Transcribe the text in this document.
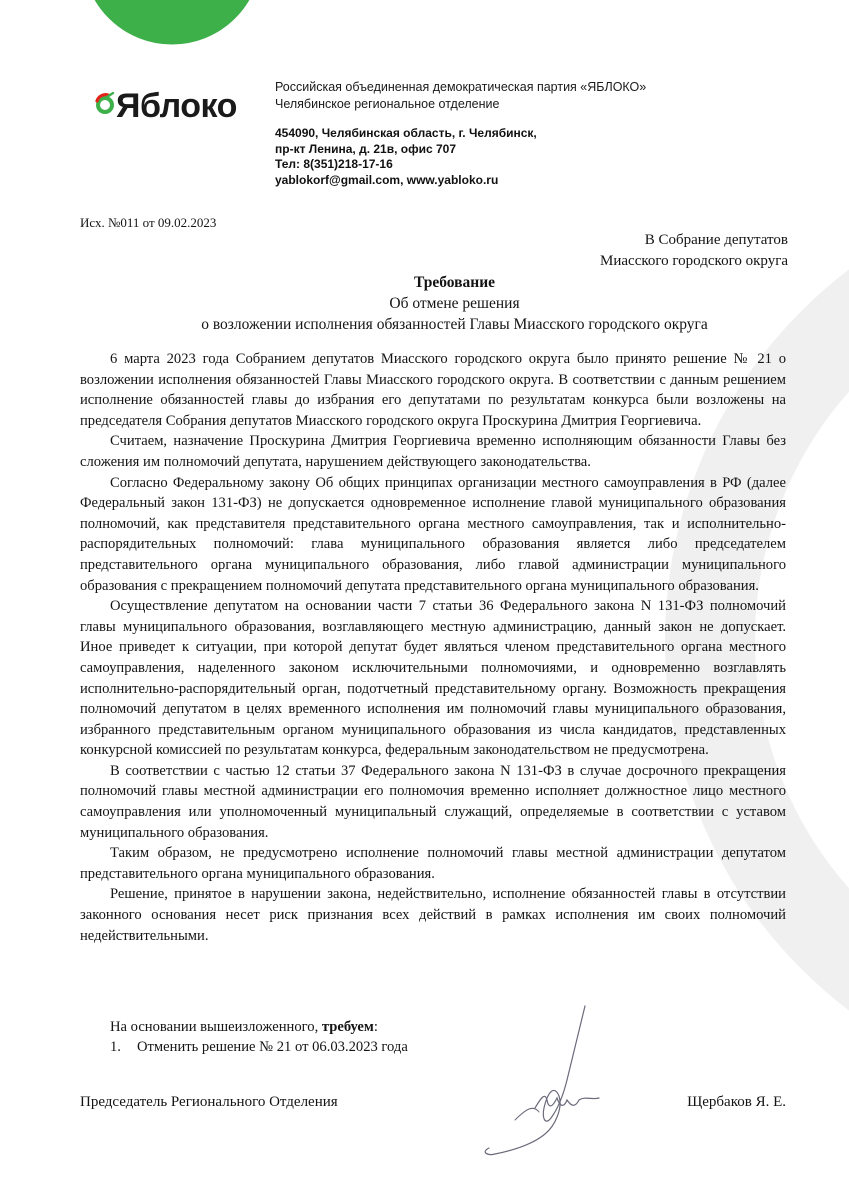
Яблоко	Российская объединенная демократическая партия «ЯБЛОКО»
Челябинское региональное отделение
454090, Челябинская область, г. Челябинск,
пр-кт Ленина, д. 21в, офис 707
Тел: 8(351)218-17-16
yablokorf@gmail.com, www.yabloko.ru
Исх. №011 от 09.02.2023
В Собрание депутатов
Миасского городского округа
Требование
Об отмене решения
о возложении исполнения обязанностей Главы Миасского городского округа

6 марта 2023 года Собранием депутатов Миасского городского округа было принято решение № 21 о возложении исполнения обязанностей Главы Миасского городского округа. В соответствии с данным решением исполнение обязанностей главы до избрания его депутатами по результатам конкурса были возложены на председателя Собрания депутатов Миасского городского округа Проскурина Дмитрия Георгиевича.

Считаем, назначение Проскурина Дмитрия Георгиевича временно исполняющим обязанности Главы без сложения им полномочий депутата, нарушением действующего законодательства.

Согласно Федеральному закону Об общих принципах организации местного самоуправления в РФ (далее Федеральный закон 131-ФЗ) не допускается одновременное исполнение главой муниципального образования полномочий, как представителя представительного органа местного самоуправления, так и исполнительно-распорядительных полномочий: глава муниципального образования является либо председателем представительного органа муниципального образования, либо главой администрации муниципального образования с прекращением полномочий депутата представительного органа муниципального образования.

Осуществление депутатом на основании части 7 статьи 36 Федерального закона N 131-ФЗ полномочий главы муниципального образования, возглавляющего местную администрацию, данный закон не допускает. Иное приведет к ситуации, при которой депутат будет являться членом представительного органа местного самоуправления, наделенного законом исключительными полномочиями, и одновременно возглавлять исполнительно-распорядительный орган, подотчетный представительному органу. Возможность прекращения полномочий депутатом в целях временного исполнения им полномочий главы муниципального образования, избранного представительным органом муниципального образования из числа кандидатов, представленных конкурсной комиссией по результатам конкурса, федеральным законодательством не предусмотрена.

В соответствии с частью 12 статьи 37 Федерального закона N 131-ФЗ в случае досрочного прекращения полномочий главы местной администрации его полномочия временно исполняет должностное лицо местного самоуправления или уполномоченный муниципальный служащий, определяемые в соответствии с уставом муниципального образования.

Таким образом, не предусмотрено исполнение полномочий главы местной администрации депутатом представительного органа муниципального образования.

Решение, принятое в нарушении закона, недействительно, исполнение обязанностей главы в отсутствии законного основания несет риск признания всех действий в рамках исполнения им своих полномочий недействительными.

На основании вышеизложенного, требуем:
1. Отменить решение № 21 от 06.03.2023 года
Председатель Регионального Отделения	Щербаков Я. Е.
